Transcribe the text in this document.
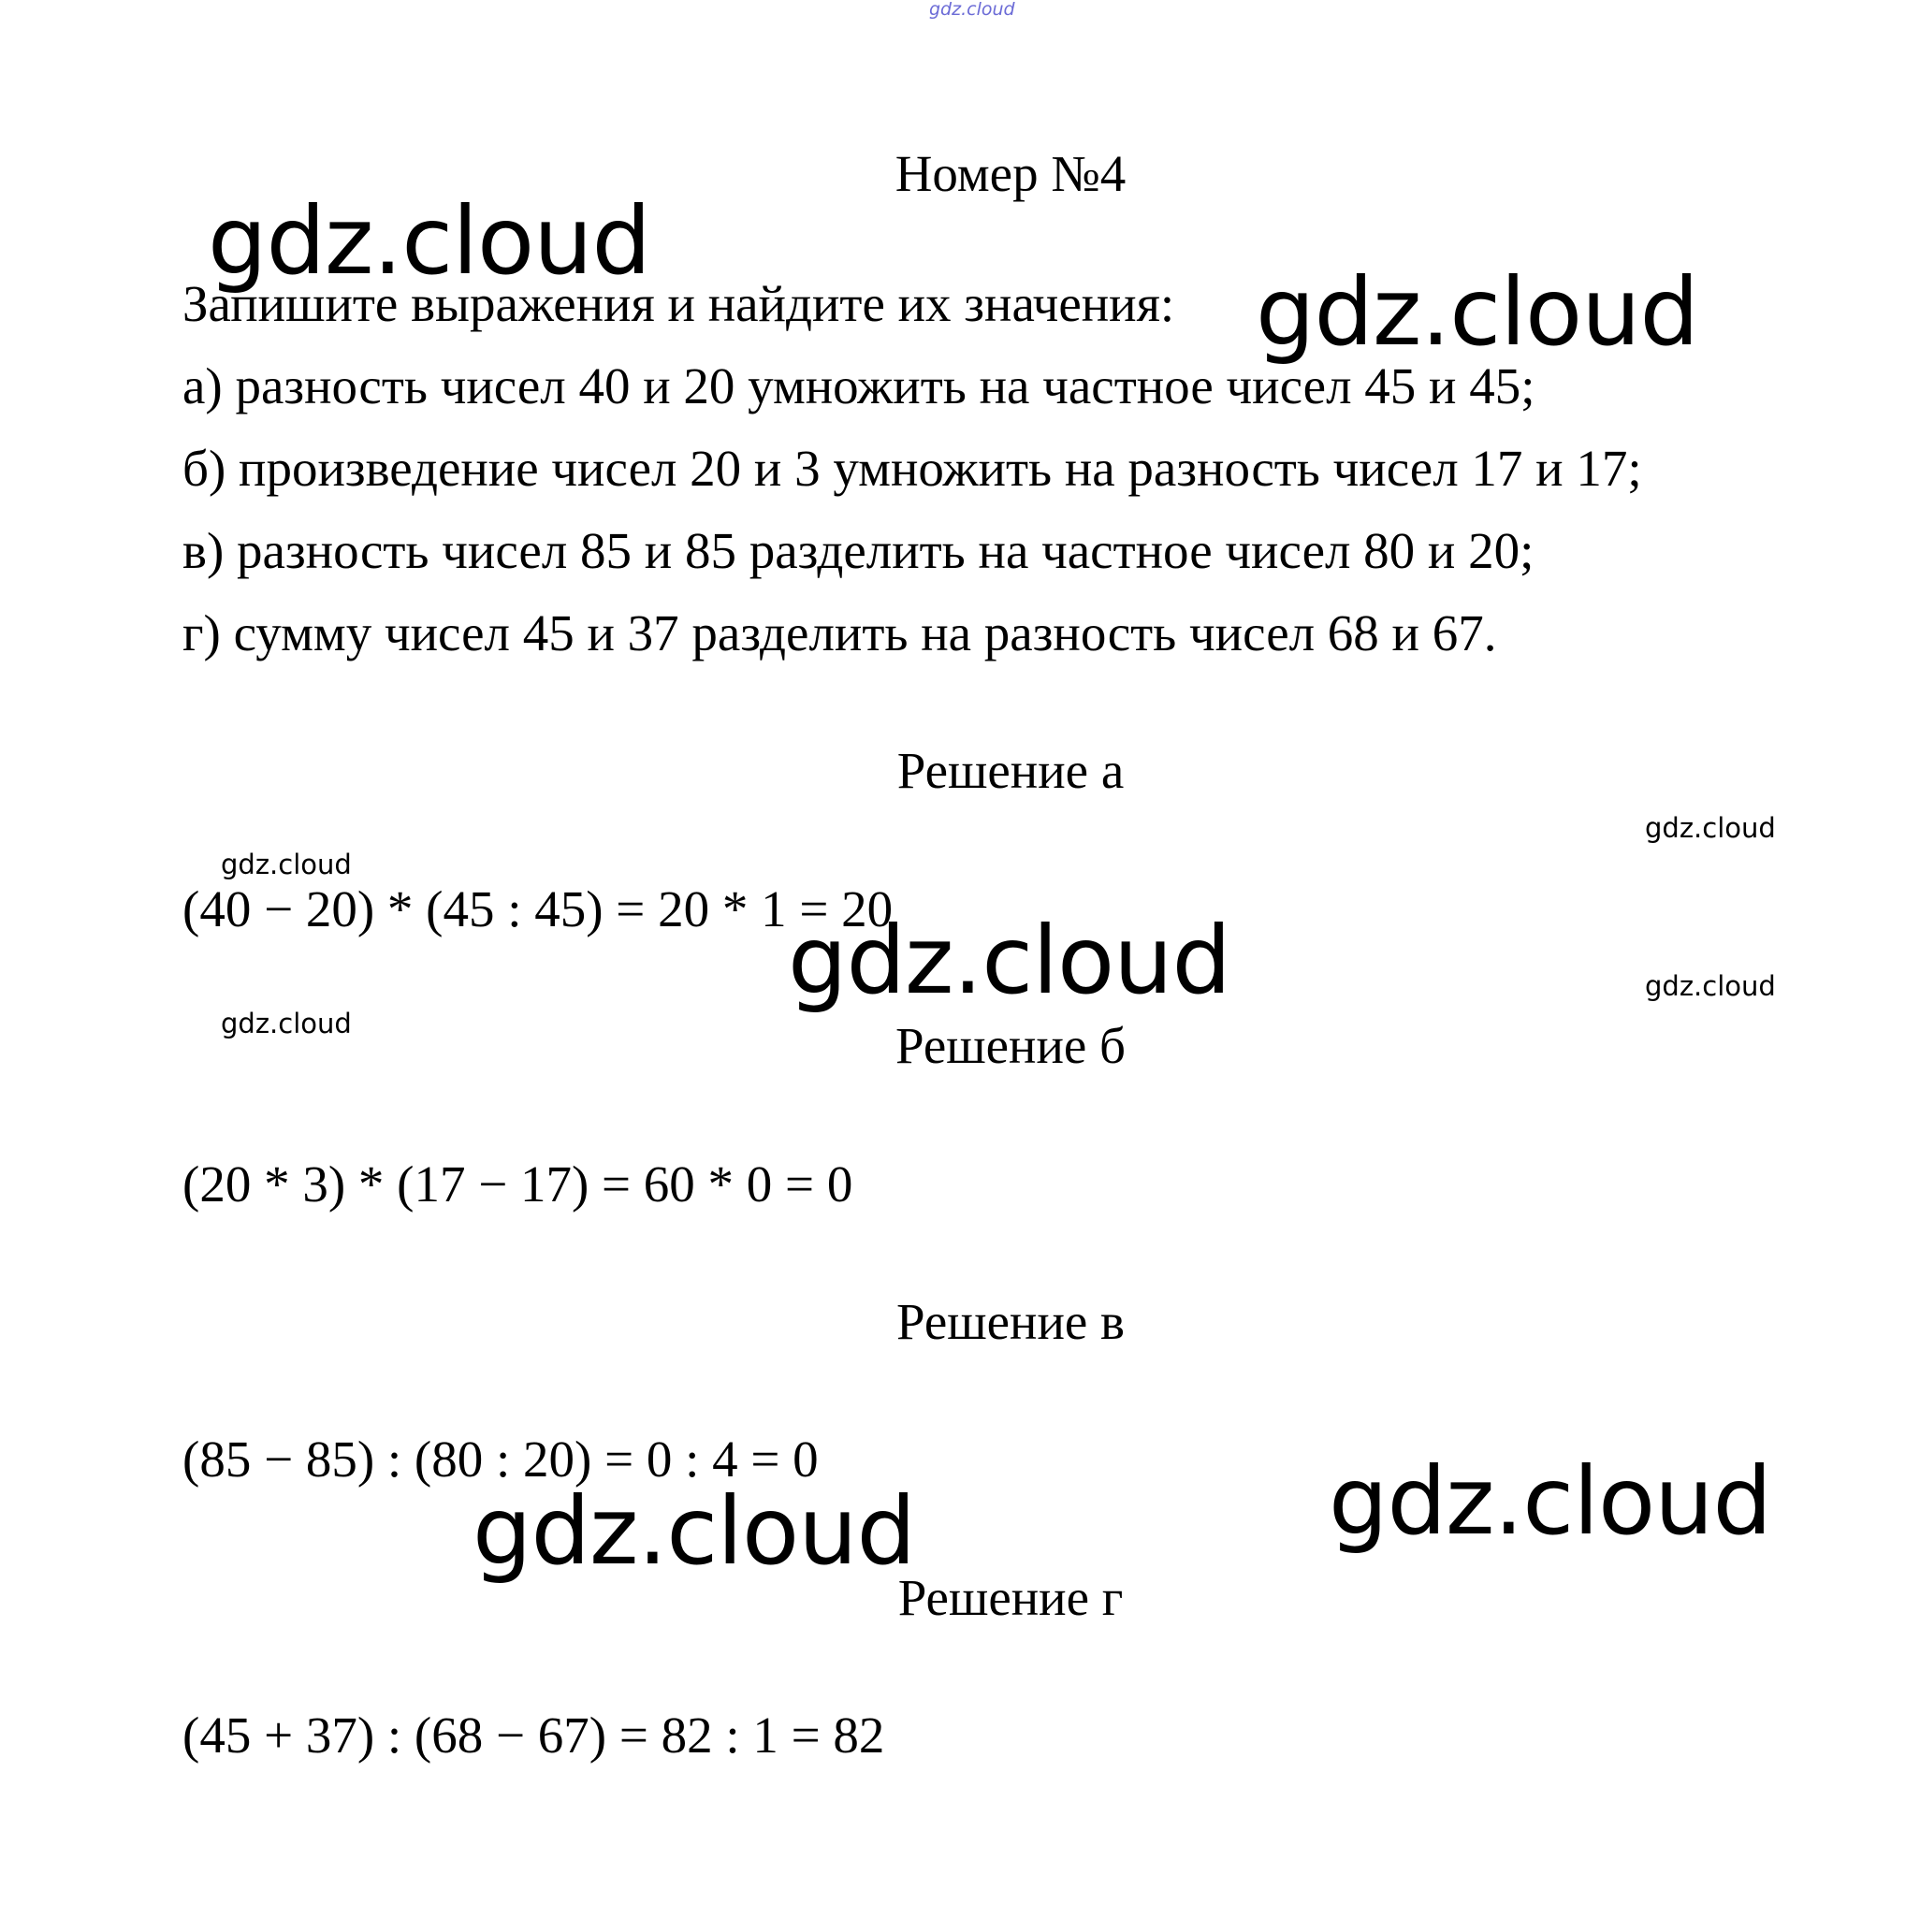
gdz.cloud
Номер №4
Запишите выражения и найдите их значения:
а) разность чисел 40 и 20 умножить на частное чисел 45 и 45;
б) произведение чисел 20 и 3 умножить на разность чисел 17 и 17;
в) разность чисел 85 и 85 разделить на частное чисел 80 и 20;
г) сумму чисел 45 и 37 разделить на разность чисел 68 и 67.
Решение а
(40 − 20) * (45 : 45) = 20 * 1 = 20
Решение б
(20 * 3) * (17 − 17) = 60 * 0 = 0
Решение в
(85 − 85) : (80 : 20) = 0 : 4 = 0
Решение г
(45 + 37) : (68 − 67) = 82 : 1 = 82
gdz.cloud
gdz.cloud
gdz.cloud
gdz.cloud
gdz.cloud	gdz.cloud
gdz.cloud
gdz.cloud
gdz.cloud
